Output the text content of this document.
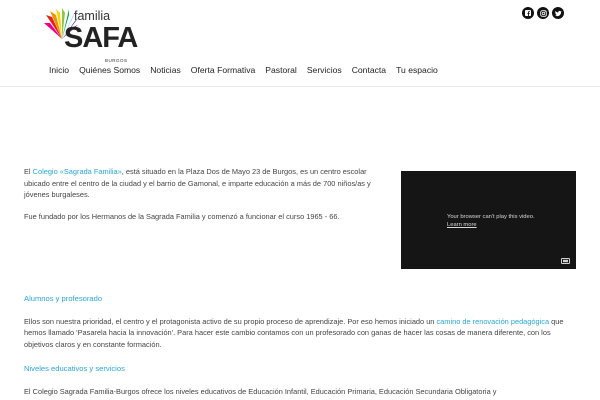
familia
SAFA
BURGOS
Inicio	Quiénes Somos	Noticias	Oferta Formativa	Pastoral	Servicios	Contacta	Tu espacio

El Colegio «Sagrada Familia», está situado en la Plaza Dos de Mayo 23 de Burgos, es un centro escolar ubicado entre el centro de la ciudad y el barrio de Gamonal, e imparte educación a más de 700 niños/as y jóvenes burgaleses.

Fue fundado por los Hermanos de la Sagrada Familia y comenzó a funcionar el curso 1965 - 66.	Your browser can't play this video.
Learn more

Alumnos y profesorado

Ellos son nuestra prioridad, el centro y el protagonista activo de su propio proceso de aprendizaje. Por eso hemos iniciado un camino de renovación pedagógica que hemos llamado 'Pasarela hacia la innovación'. Para hacer este cambio contamos con un profesorado con ganas de hacer las cosas de manera diferente, con los objetivos claros y en constante formación.

Niveles educativos y servicios

El Colegio Sagrada Familia-Burgos ofrece los niveles educativos de Educación Infantil, Educación Primaria, Educación Secundaria Obligatoria y
